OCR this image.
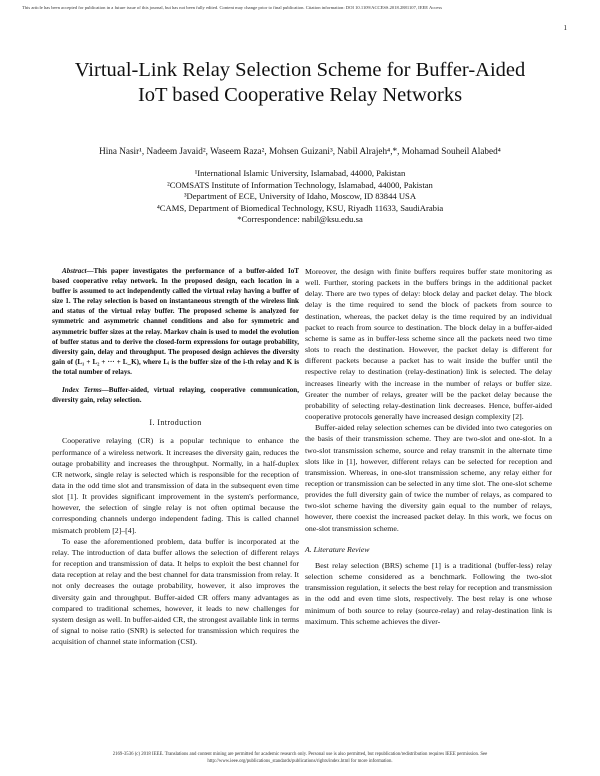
This article has been accepted for publication in a future issue of this journal, but has not been fully edited. Content may change prior to final publication. Citation information: DOI 10.1109/ACCESS.2018.2881107, IEEE Access
1
Virtual-Link Relay Selection Scheme for Buffer-Aided IoT based Cooperative Relay Networks
Hina Nasir¹, Nadeem Javaid², Waseem Raza², Mohsen Guizani³, Nabil Alrajeh⁴,*, Mohamad Souheil Alabed⁴
¹International Islamic University, Islamabad, 44000, Pakistan
²COMSATS Institute of Information Technology, Islamabad, 44000, Pakistan
³Department of ECE, University of Idaho, Moscow, ID 83844 USA
⁴CAMS, Department of Biomedical Technology, KSU, Riyadh 11633, SaudiArabia
*Correspondence: nabil@ksu.edu.sa

Abstract—This paper investigates the performance of a buffer-aided IoT based cooperative relay network. In the proposed design, each location in a buffer is assumed to act independently called the virtual relay having a buffer of size 1. The relay selection is based on instantaneous strength of the wireless link and status of the virtual relay buffer. The proposed scheme is analyzed for symmetric and asymmetric channel conditions and also for symmetric and asymmetric buffer sizes at the relay. Markov chain is used to model the evolution of buffer status and to derive the closed-form expressions for outage probability, diversity gain, delay and throughput. The proposed design achieves the diversity gain of (L₁ + L₂ + ··· + L_K), where Lᵢ is the buffer size of the i-th relay and K is the total number of relays.

Index Terms—Buffer-aided, virtual relaying, cooperative communication, diversity gain, relay selection.

I. Introduction

Cooperative relaying (CR) is a popular technique to enhance the performance of a wireless network. It increases the diversity gain, reduces the outage probability and increases the throughput. Normally, in a half-duplex CR network, single relay is selected which is responsible for the reception of data in the odd time slot and transmission of data in the subsequent even time slot [1]. It provides significant improvement in the system's performance, however, the selection of single relay is not often optimal because the corresponding channels undergo independent fading. This is called channel mismatch problem [2]–[4].

To ease the aforementioned problem, data buffer is incorporated at the relay. The introduction of data buffer allows the selection of different relays for reception and transmission of data. It helps to exploit the best channel for data reception at relay and the best channel for data transmission from relay. It not only decreases the outage probability, however, it also improves the diversity gain and throughput. Buffer-aided CR offers many advantages as compared to traditional schemes, however, it leads to new challenges for system design as well. In buffer-aided CR, the strongest available link in terms of signal to noise ratio (SNR) is selected for transmission which requires the acquisition of channel state information (CSI).

Moreover, the design with finite buffers requires buffer state monitoring as well. Further, storing packets in the buffers brings in the additional packet delay. There are two types of delay: block delay and packet delay. The block delay is the time required to send the block of packets from source to destination, whereas, the packet delay is the time required by an individual packet to reach from source to destination. The block delay in a buffer-aided scheme is same as in buffer-less scheme since all the packets need two time slots to reach the destination. However, the packet delay is different for different packets because a packet has to wait inside the buffer until the respective relay to destination (relay-destination) link is selected. The delay increases linearly with the increase in the number of relays or buffer size. Greater the number of relays, greater will be the packet delay because the probability of selecting relay-destination link decreases. Hence, buffer-aided cooperative protocols generally have increased design complexity [2].

Buffer-aided relay selection schemes can be divided into two categories on the basis of their transmission scheme. They are two-slot and one-slot. In a two-slot transmission scheme, source and relay transmit in the alternate time slots like in [1], however, different relays can be selected for reception and transmission. Whereas, in one-slot transmission scheme, any relay either for reception or transmission can be selected in any time slot. The one-slot scheme provides the full diversity gain of twice the number of relays, as compared to two-slot scheme having the diversity gain equal to the number of relays, however, there coexist the increased packet delay. In this work, we focus on one-slot transmission scheme.

A. Literature Review

Best relay selection (BRS) scheme [1] is a traditional (buffer-less) relay selection scheme considered as a benchmark. Following the two-slot transmission regulation, it selects the best relay for reception and transmission in the odd and even time slots, respectively. The best relay is one whose minimum of both source to relay (source-relay) and relay-destination link is maximum. This scheme achieves the diver-

2169-3536 (c) 2018 IEEE. Translations and content mining are permitted for academic research only. Personal use is also permitted, but republication/redistribution requires IEEE permission. See
http://www.ieee.org/publications_standards/publications/rights/index.html for more information.
